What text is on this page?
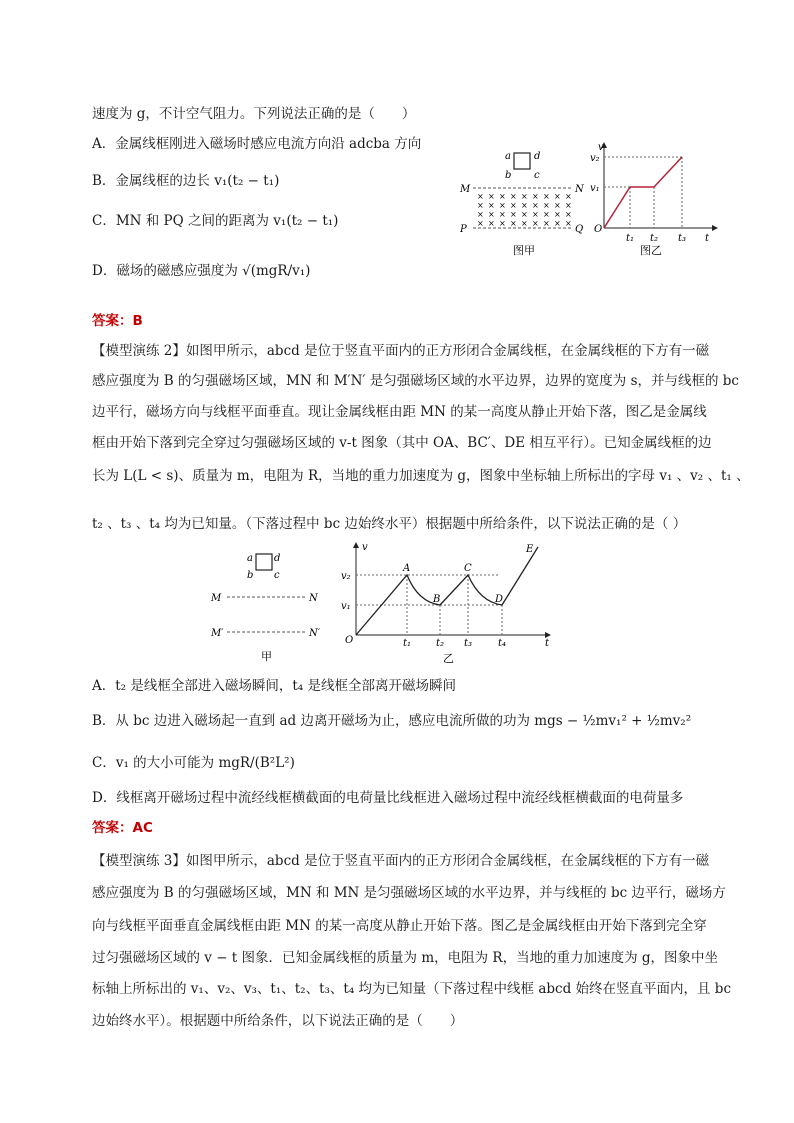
速度为 g，不计空气阻力。下列说法正确的是（　　）
A．金属线框刚进入磁场时感应电流方向沿 adcba 方向
B．金属线框的边长 v₁(t₂ − t₁)
C．MN 和 PQ 之间的距离为 v₁(t₂ − t₁)
D．磁场的磁感应强度为 √(mgR/v₁)
答案：B
a
b c
d
M	N
P	Q
× × × × × × × × ×
× × × × × × × × ×
× × × × × × × × ×
× × × × × × × × ×
图甲
v
v₂
v₁
O
t₁ t₂ t₃ t
图乙
【模型演练 2】如图甲所示，abcd 是位于竖直平面内的正方形闭合金属线框，在金属线框的下方有一磁
感应强度为 B 的匀强磁场区域，MN 和 M′N′ 是匀强磁场区域的水平边界，边界的宽度为 s，并与线框的 bc
边平行，磁场方向与线框平面垂直。现让金属线框由距 MN 的某一高度从静止开始下落，图乙是金属线
框由开始下落到完全穿过匀强磁场区域的 v-t 图象（其中 OA、BC′、DE 相互平行）。已知金属线框的边
长为 L(L < s)、质量为 m，电阻为 R，当地的重力加速度为 g，图象中坐标轴上所标出的字母 v₁ 、v₂ 、t₁ 、
t₂ 、t₃ 、t₄ 均为已知量。（下落过程中 bc 边始终水平）根据题中所给条件，以下说法正确的是（ ）
a
b c
d
M	N
M′	N′
甲
v
v₂
v₁
O
A
B
C
D
E
t₁ t₂ t₃	t₄	t
乙
A．t₂ 是线框全部进入磁场瞬间，t₄ 是线框全部离开磁场瞬间
B．从 bc 边进入磁场起一直到 ad 边离开磁场为止，感应电流所做的功为 mgs − ½mv₁² + ½mv₂²
C．v₁ 的大小可能为 mgR/(B²L²)
D．线框离开磁场过程中流经线框横截面的电荷量比线框进入磁场过程中流经线框横截面的电荷量多
答案：AC
【模型演练 3】如图甲所示，abcd 是位于竖直平面内的正方形闭合金属线框，在金属线框的下方有一磁
感应强度为 B 的匀强磁场区域，MN 和 MN 是匀强磁场区域的水平边界，并与线框的 bc 边平行，磁场方
向与线框平面垂直金属线框由距 MN 的某一高度从静止开始下落。图乙是金属线框由开始下落到完全穿
过匀强磁场区域的 v − t 图象．已知金属线框的质量为 m，电阻为 R，当地的重力加速度为 g，图象中坐
标轴上所标出的 v₁、v₂、v₃、t₁、t₂、t₃、t₄ 均为已知量（下落过程中线框 abcd 始终在竖直平面内，且 bc
边始终水平）。根据题中所给条件，以下说法正确的是（　　）
